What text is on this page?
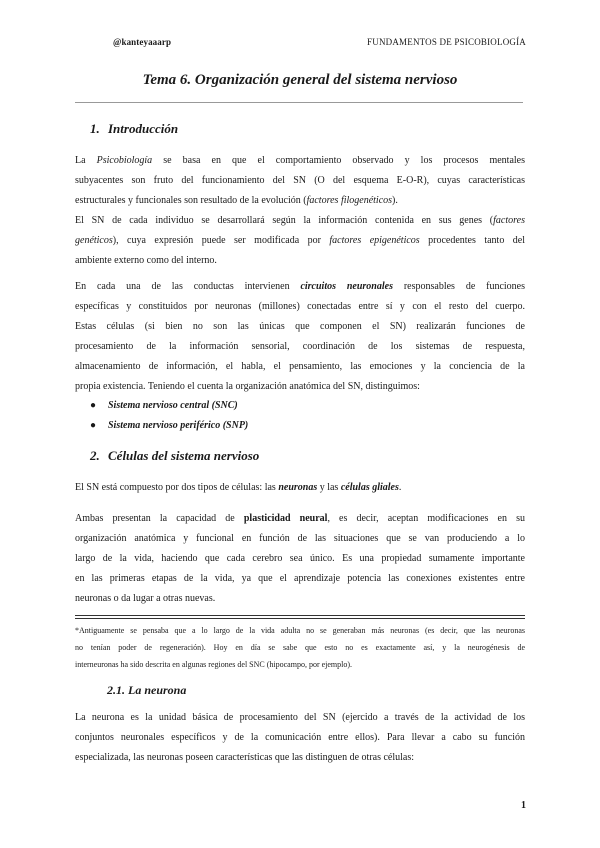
@kanteyaaarp	FUNDAMENTOS DE PSICOBIOLOGÍA
Tema 6. Organización general del sistema nervioso
1. Introducción
La Psicobiología se basa en que el comportamiento observado y los procesos mentales
subyacentes son fruto del funcionamiento del SN (O del esquema E-O-R), cuyas características
estructurales y funcionales son resultado de la evolución (factores filogenéticos).
El SN de cada individuo se desarrollará según la información contenida en sus genes (factores
genéticos), cuya expresión puede ser modificada por factores epigenéticos procedentes tanto del
ambiente externo como del interno.
En cada una de las conductas intervienen circuitos neuronales responsables de funciones
específicas y constituidos por neuronas (millones) conectadas entre sí y con el resto del cuerpo.
Estas células (si bien no son las únicas que componen el SN) realizarán funciones de
procesamiento de la información sensorial, coordinación de los sistemas de respuesta,
almacenamiento de información, el habla, el pensamiento, las emociones y la conciencia de la
propia existencia. Teniendo el cuenta la organización anatómica del SN, distinguimos:
● Sistema nervioso central (SNC)
● Sistema nervioso periférico (SNP)
2. Células del sistema nervioso
El SN está compuesto por dos tipos de células: las neuronas y las células gliales.
Ambas presentan la capacidad de plasticidad neural, es decir, aceptan modificaciones en su
organización anatómica y funcional en función de las situaciones que se van produciendo a lo
largo de la vida, haciendo que cada cerebro sea único. Es una propiedad sumamente importante
en las primeras etapas de la vida, ya que el aprendizaje potencia las conexiones existentes entre
neuronas o da lugar a otras nuevas.
*Antiguamente se pensaba que a lo largo de la vida adulta no se generaban más neuronas (es decir, que las neuronas
no tenían poder de regeneración). Hoy en día se sabe que esto no es exactamente así, y la neurogénesis de
interneuronas ha sido descrita en algunas regiones del SNC (hipocampo, por ejemplo).
2.1. La neurona
La neurona es la unidad básica de procesamiento del SN (ejercido a través de la actividad de los
conjuntos neuronales específicos y de la comunicación entre ellos). Para llevar a cabo su función
especializada, las neuronas poseen características que las distinguen de otras células:
1
